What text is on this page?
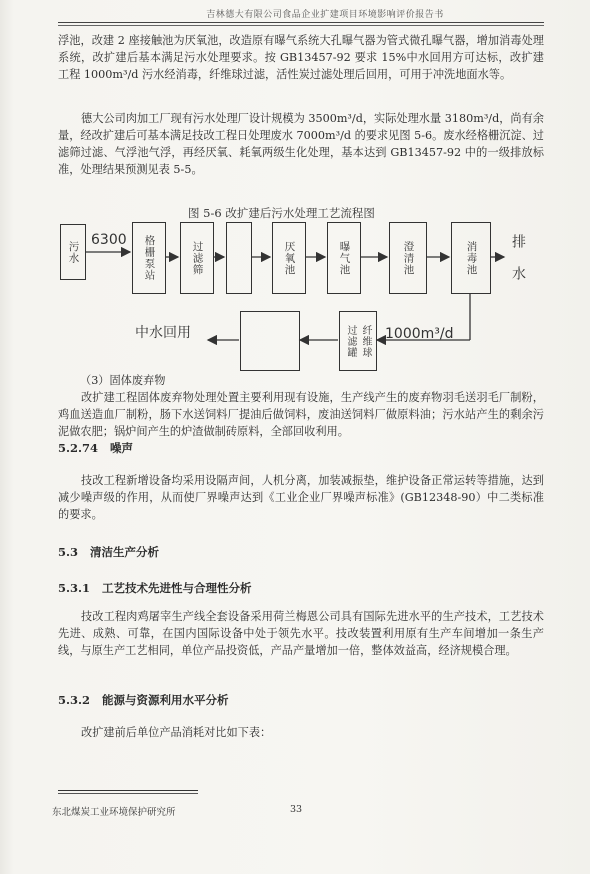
吉林德大有限公司食品企业扩建项目环境影响评价报告书

浮池，改建 2 座接触池为厌氧池，改造原有曝气系统大孔曝气器为管式微孔曝气器，增加消毒处理系统，改扩建后基本满足污水处理要求。按 GB13457-92 要求 15%中水回用方可达标，改扩建工程 1000m³/d 污水经消毒，纤维球过滤，活性炭过滤处理后回用，可用于冲洗地面水等。

德大公司肉加工厂现有污水处理厂设计规模为 3500m³/d，实际处理水量 3180m³/d，尚有余量，经改扩建后可基本满足技改工程日处理废水 7000m³/d 的要求见图 5-6。废水经格栅沉淀、过滤筛过滤、气浮池气浮，再经厌氧、耗氧两级生化处理，基本达到 GB13457-92 中的一级排放标准，处理结果预测见表 5-5。

图 5-6 改扩建后污水处理工艺流程图
污水
6300 格栅泵站	过滤筛	厌氧池	曝气池	澄清池	消毒池 排水
纤维球
过滤罐 1000m³/d
中水回用

（3）固体废弃物

改扩建工程固体废弃物处理处置主要利用现有设施，生产线产生的废弃物羽毛送羽毛厂制粉，鸡血送造血厂制粉，肠下水送饲料厂提油后做饲料，废油送饲料厂做原料油；污水站产生的剩余污泥做农肥；锅炉间产生的炉渣做制砖原料，全部回收利用。

5.2.74 噪声

技改工程新增设备均采用设隔声间，人机分离，加装减振垫，维护设备正常运转等措施，达到减少噪声级的作用，从而使厂界噪声达到《工业企业厂界噪声标准》(GB12348-90）中二类标准的要求。

5.3 清洁生产分析
5.3.1 工艺技术先进性与合理性分析

技改工程肉鸡屠宰生产线全套设备采用荷兰梅恩公司具有国际先进水平的生产技术，工艺技术先进、成熟、可靠，在国内国际设备中处于领先水平。技改装置利用原有生产车间增加一条生产线，与原生产工艺相同，单位产品投资低，产品产量增加一倍，整体效益高，经济规模合理。

5.3.2 能源与资源利用水平分析

改扩建前后单位产品消耗对比如下表：

东北煤炭工业环境保护研究所	33
